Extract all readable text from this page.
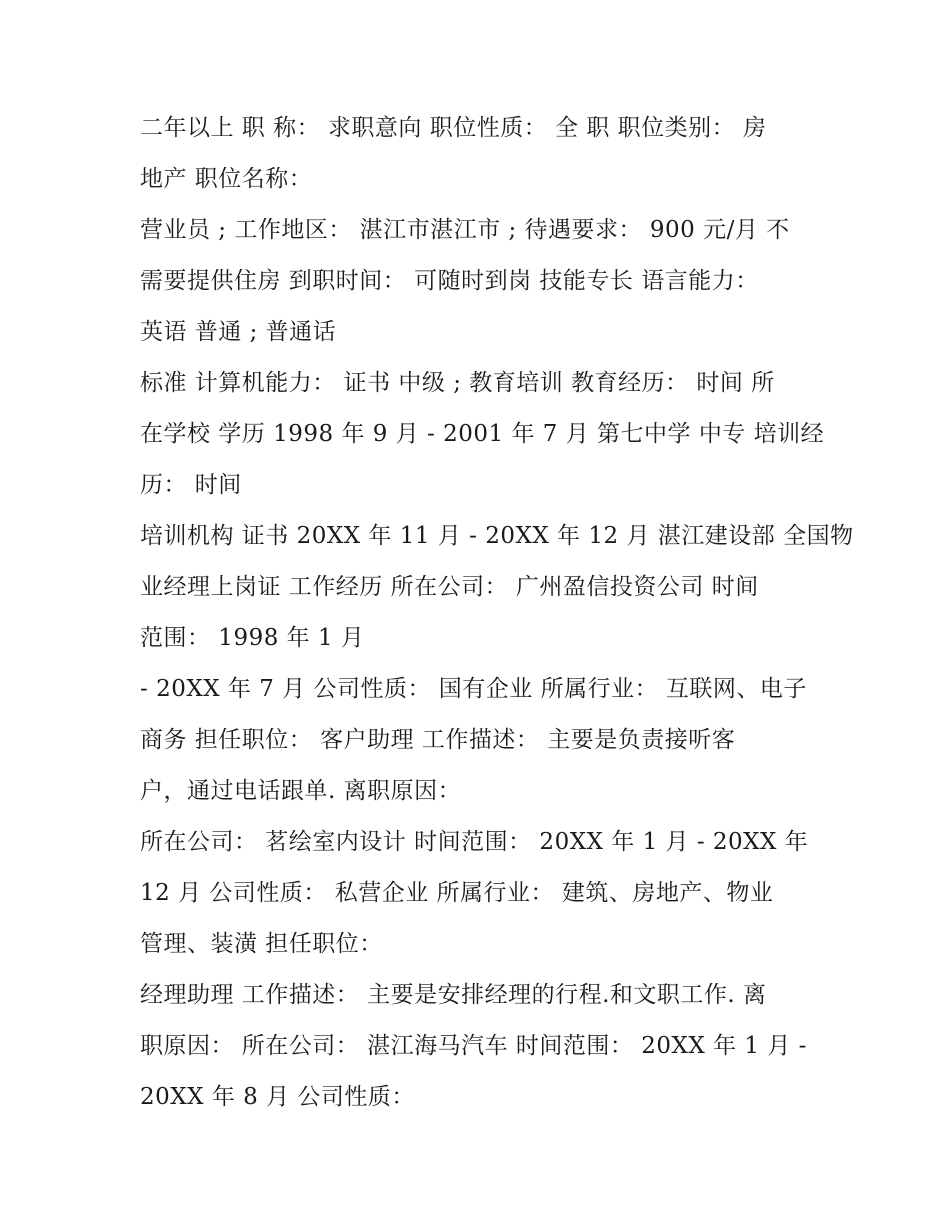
二年以上 职 称： 求职意向 职位性质： 全 职 职位类别： 房
地产 职位名称：
营业员 ; 工作地区： 湛江市湛江市 ; 待遇要求： 900 元/月 不
需要提供住房 到职时间： 可随时到岗 技能专长 语言能力：
英语 普通 ; 普通话
标准 计算机能力： 证书 中级 ; 教育培训 教育经历： 时间 所
在学校 学历 1998 年 9 月 - 2001 年 7 月 第七中学 中专 培训经
历： 时间
培训机构 证书 20XX 年 11 月 - 20XX 年 12 月 湛江建设部 全国物
业经理上岗证 工作经历 所在公司： 广州盈信投资公司 时间
范围： 1998 年 1 月
- 20XX 年 7 月 公司性质： 国有企业 所属行业： 互联网、电子
商务 担任职位： 客户助理 工作描述： 主要是负责接听客
户，通过电话跟单. 离职原因：
所在公司： 茗绘室内设计 时间范围： 20XX 年 1 月 - 20XX 年
12 月 公司性质： 私营企业 所属行业： 建筑、房地产、物业
管理、装潢 担任职位：
经理助理 工作描述： 主要是安排经理的行程.和文职工作. 离
职原因： 所在公司： 湛江海马汽车 时间范围： 20XX 年 1 月 -
20XX 年 8 月 公司性质：
